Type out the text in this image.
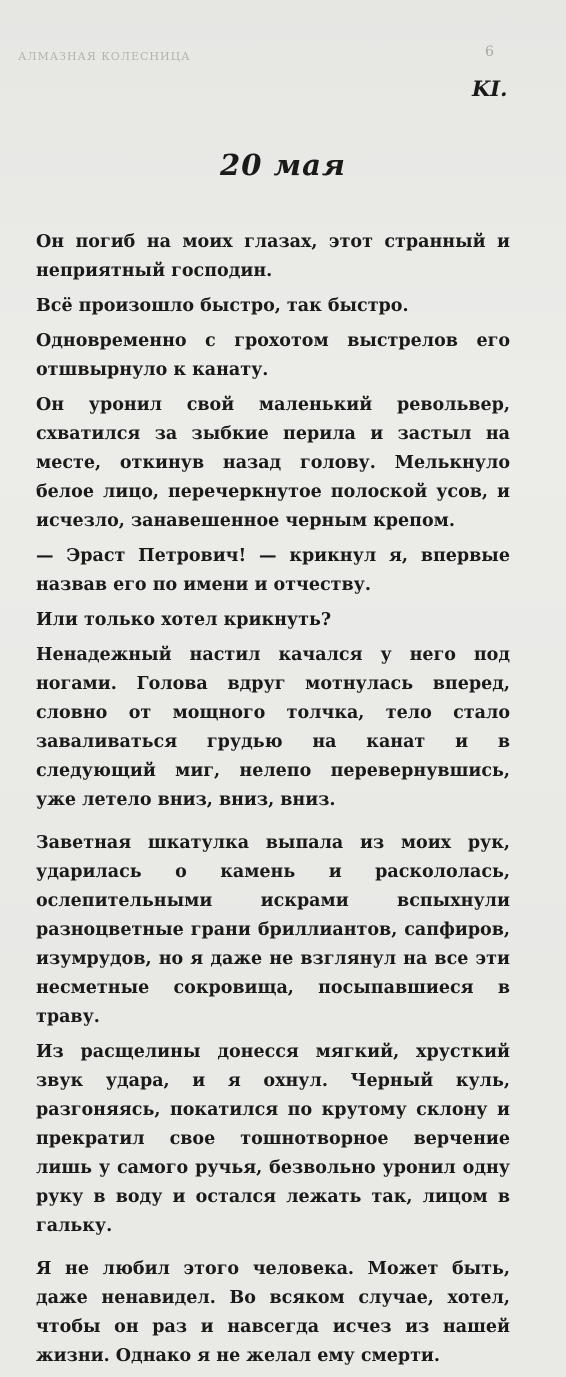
АЛМАЗНАЯ КОЛЕСНИЦА	6
KI.
20 мая

Он погиб на моих глазах, этот странный и неприятный господин.

Всё произошло быстро, так быстро.

Одновременно с грохотом выстрелов его отшвырнуло к канату.

Он уронил свой маленький револьвер, схватился за зыбкие перила и застыл на месте, откинув назад голову. Мелькнуло белое лицо, перечеркнутое полоской усов, и исчезло, занавешенное черным крепом.

— Эраст Петрович! — крикнул я, впервые назвав его по имени и отчеству.

Или только хотел крикнуть?

Ненадежный настил качался у него под ногами. Голова вдруг мотнулась вперед, словно от мощного толчка, тело стало заваливаться грудью на канат и в следующий миг, нелепо перевернувшись, уже летело вниз, вниз, вниз.

Заветная шкатулка выпала из моих рук, ударилась о камень и раскололась, ослепительными искрами вспыхнули разноцветные грани бриллиантов, сапфиров, изумрудов, но я даже не взглянул на все эти несметные сокровища, посыпавшиеся в траву.

Из расщелины донесся мягкий, хрусткий звук удара, и я охнул. Черный куль, разгоняясь, покатился по крутому склону и прекратил свое тошнотворное верчение лишь у самого ручья, безвольно уронил одну руку в воду и остался лежать так, лицом в гальку.

Я не любил этого человека. Может быть, даже ненавидел. Во всяком случае, хотел, чтобы он раз и навсегда исчез из нашей жизни. Однако я не желал ему смерти.
